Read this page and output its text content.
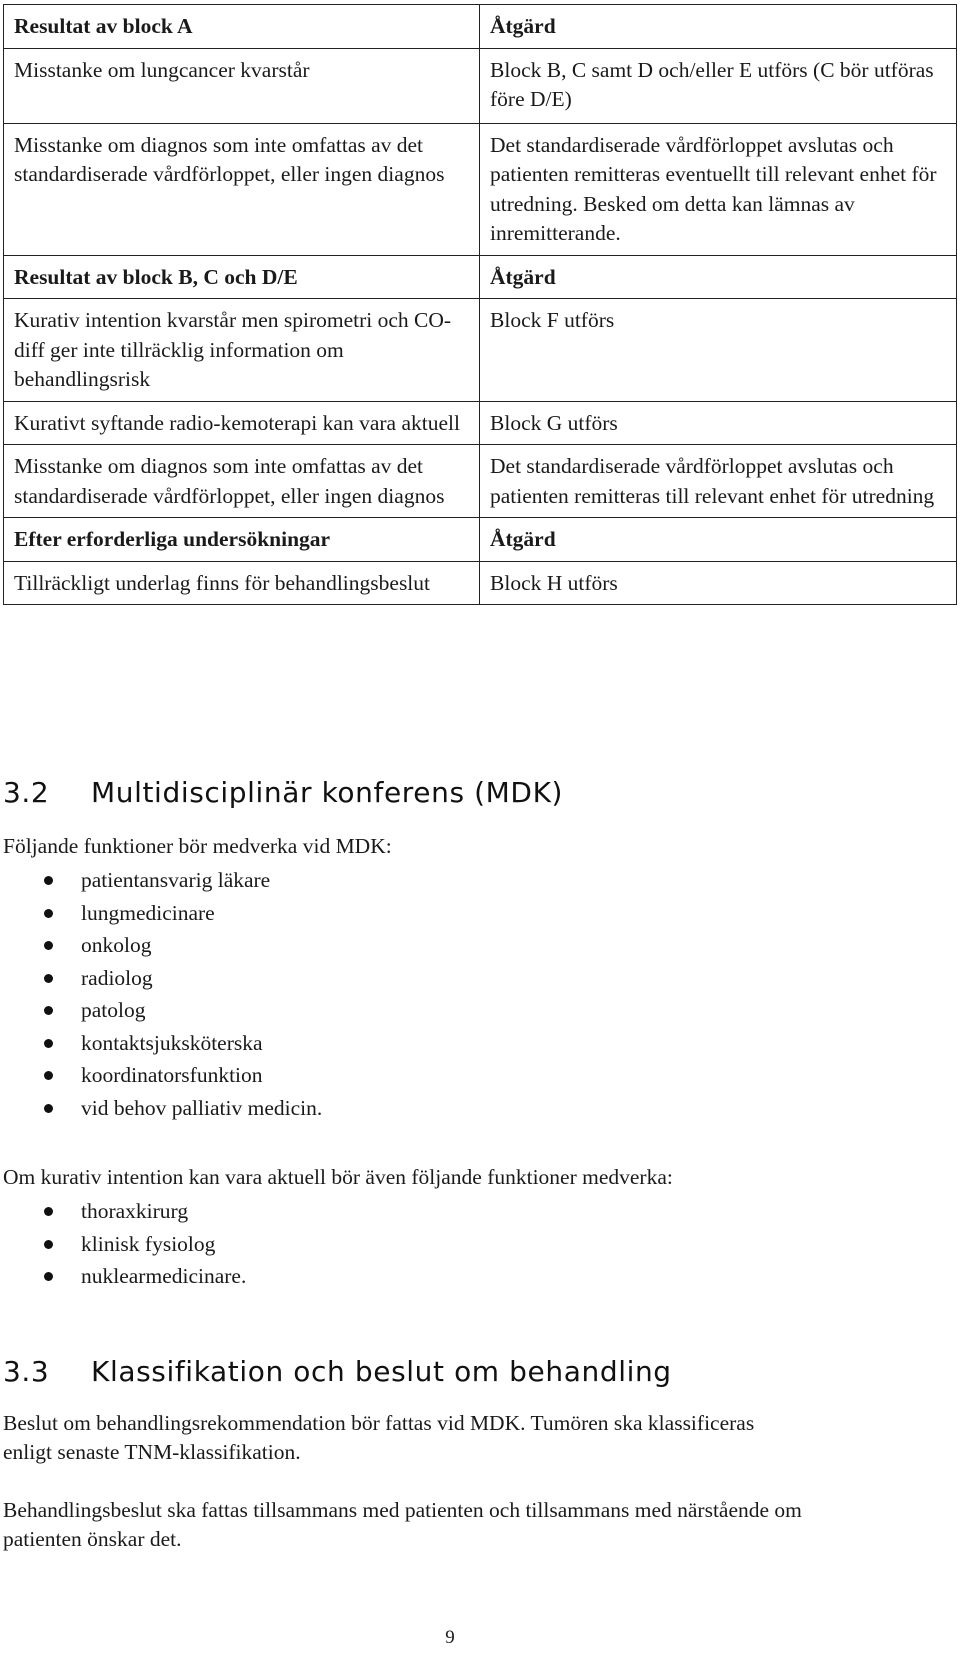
Resultat av block A	Åtgärd
Misstanke om lungcancer kvarstår	Block B, C samt D och/eller E utförs (C bör utföras före D/E)
Misstanke om diagnos som inte omfattas av det standardiserade vårdförloppet, eller ingen diagnos	Det standardiserade vårdförloppet avslutas och patienten remitteras eventuellt till relevant enhet för utredning. Besked om detta kan lämnas av inremitterande.
Resultat av block B, C och D/E	Åtgärd
Kurativ intention kvarstår men spirometri och CO-diff ger inte tillräcklig information om behandlingsrisk	Block F utförs
Kurativt syftande radio-kemoterapi kan vara aktuell	Block G utförs
Misstanke om diagnos som inte omfattas av det standardiserade vårdförloppet, eller ingen diagnos	Det standardiserade vårdförloppet avslutas och patienten remitteras till relevant enhet för utredning
Efter erforderliga undersökningar	Åtgärd
Tillräckligt underlag finns för behandlingsbeslut	Block H utförs
3.2 Multidisciplinär konferens (MDK)

Följande funktioner bör medverka vid MDK:

patientansvarig läkare
lungmedicinare
onkolog
radiolog
patolog
kontaktsjuksköterska
koordinatorsfunktion
vid behov palliativ medicin.

Om kurativ intention kan vara aktuell bör även följande funktioner medverka:

thoraxkirurg
klinisk fysiolog
nuklearmedicinare.
3.3 Klassifikation och beslut om behandling

Beslut om behandlingsrekommendation bör fattas vid MDK. Tumören ska klassificeras enligt senaste TNM-klassifikation.

Behandlingsbeslut ska fattas tillsammans med patienten och tillsammans med närstående om patienten önskar det.

9
